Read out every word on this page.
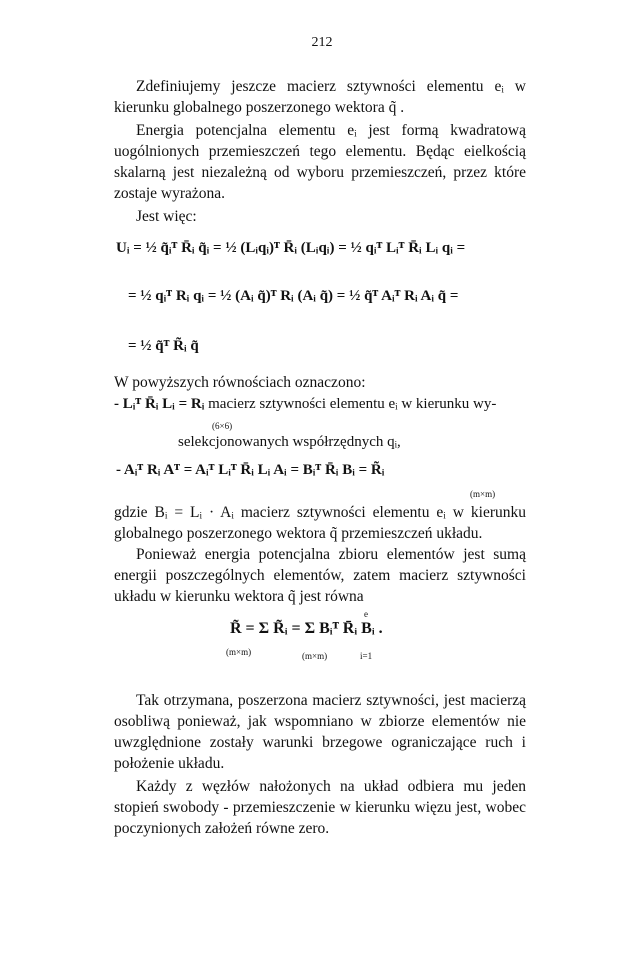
212
Zdefiniujemy jeszcze macierz sztywności elementu eᵢ w kierunku globalnego poszerzonego wektora q̃ .
Energia potencjalna elementu eᵢ jest formą kwadratową uogólnionych przemieszczeń tego elementu. Będąc eielkością skalarną jest niezależną od wyboru przemieszczeń, przez które zostaje wyrażona.
Jest więc:
Uᵢ = ½ q̃ᵢᵀ R̄ᵢ q̃ᵢ = ½ (Lᵢqᵢ)ᵀ R̄ᵢ (Lᵢqᵢ) = ½ qᵢᵀ Lᵢᵀ R̄ᵢ Lᵢ qᵢ =
= ½ qᵢᵀ Rᵢ qᵢ = ½ (Aᵢ q̃)ᵀ Rᵢ (Aᵢ q̃) = ½ q̃ᵀ Aᵢᵀ Rᵢ Aᵢ q̃ =
= ½ q̃ᵀ R̃ᵢ q̃
W powyższych równościach oznaczono:
- Lᵢᵀ R̄ᵢ Lᵢ = Rᵢ macierz sztywności elementu eᵢ w kierunku wy-
(6×6)
selekcjonowanych współrzędnych qᵢ,
- Aᵢᵀ Rᵢ Aᵀ = Aᵢᵀ Lᵢᵀ R̄ᵢ Lᵢ Aᵢ = Bᵢᵀ R̄ᵢ Bᵢ = R̃ᵢ
(m×m)
gdzie Bᵢ = Lᵢ · Aᵢ macierz sztywności elementu eᵢ w kierunku globalnego poszerzonego wektora q̃ przemieszczeń układu.
Ponieważ energia potencjalna zbioru elementów jest sumą energii poszczególnych elementów, zatem macierz sztywności układu w kierunku wektora q̃ jest równa
R̃ = Σ R̃ᵢ = Σ Bᵢᵀ R̄ᵢ Bᵢ .
e
(m×m)	(m×m)	i=1
Tak otrzymana, poszerzona macierz sztywności, jest macierzą osobliwą ponieważ, jak wspomniano w zbiorze elementów nie uwzględnione zostały warunki brzegowe ograniczające ruch i położenie układu.
Każdy z węzłów nałożonych na układ odbiera mu jeden stopień swobody - przemieszczenie w kierunku więzu jest, wobec poczynionych założeń równe zero.
